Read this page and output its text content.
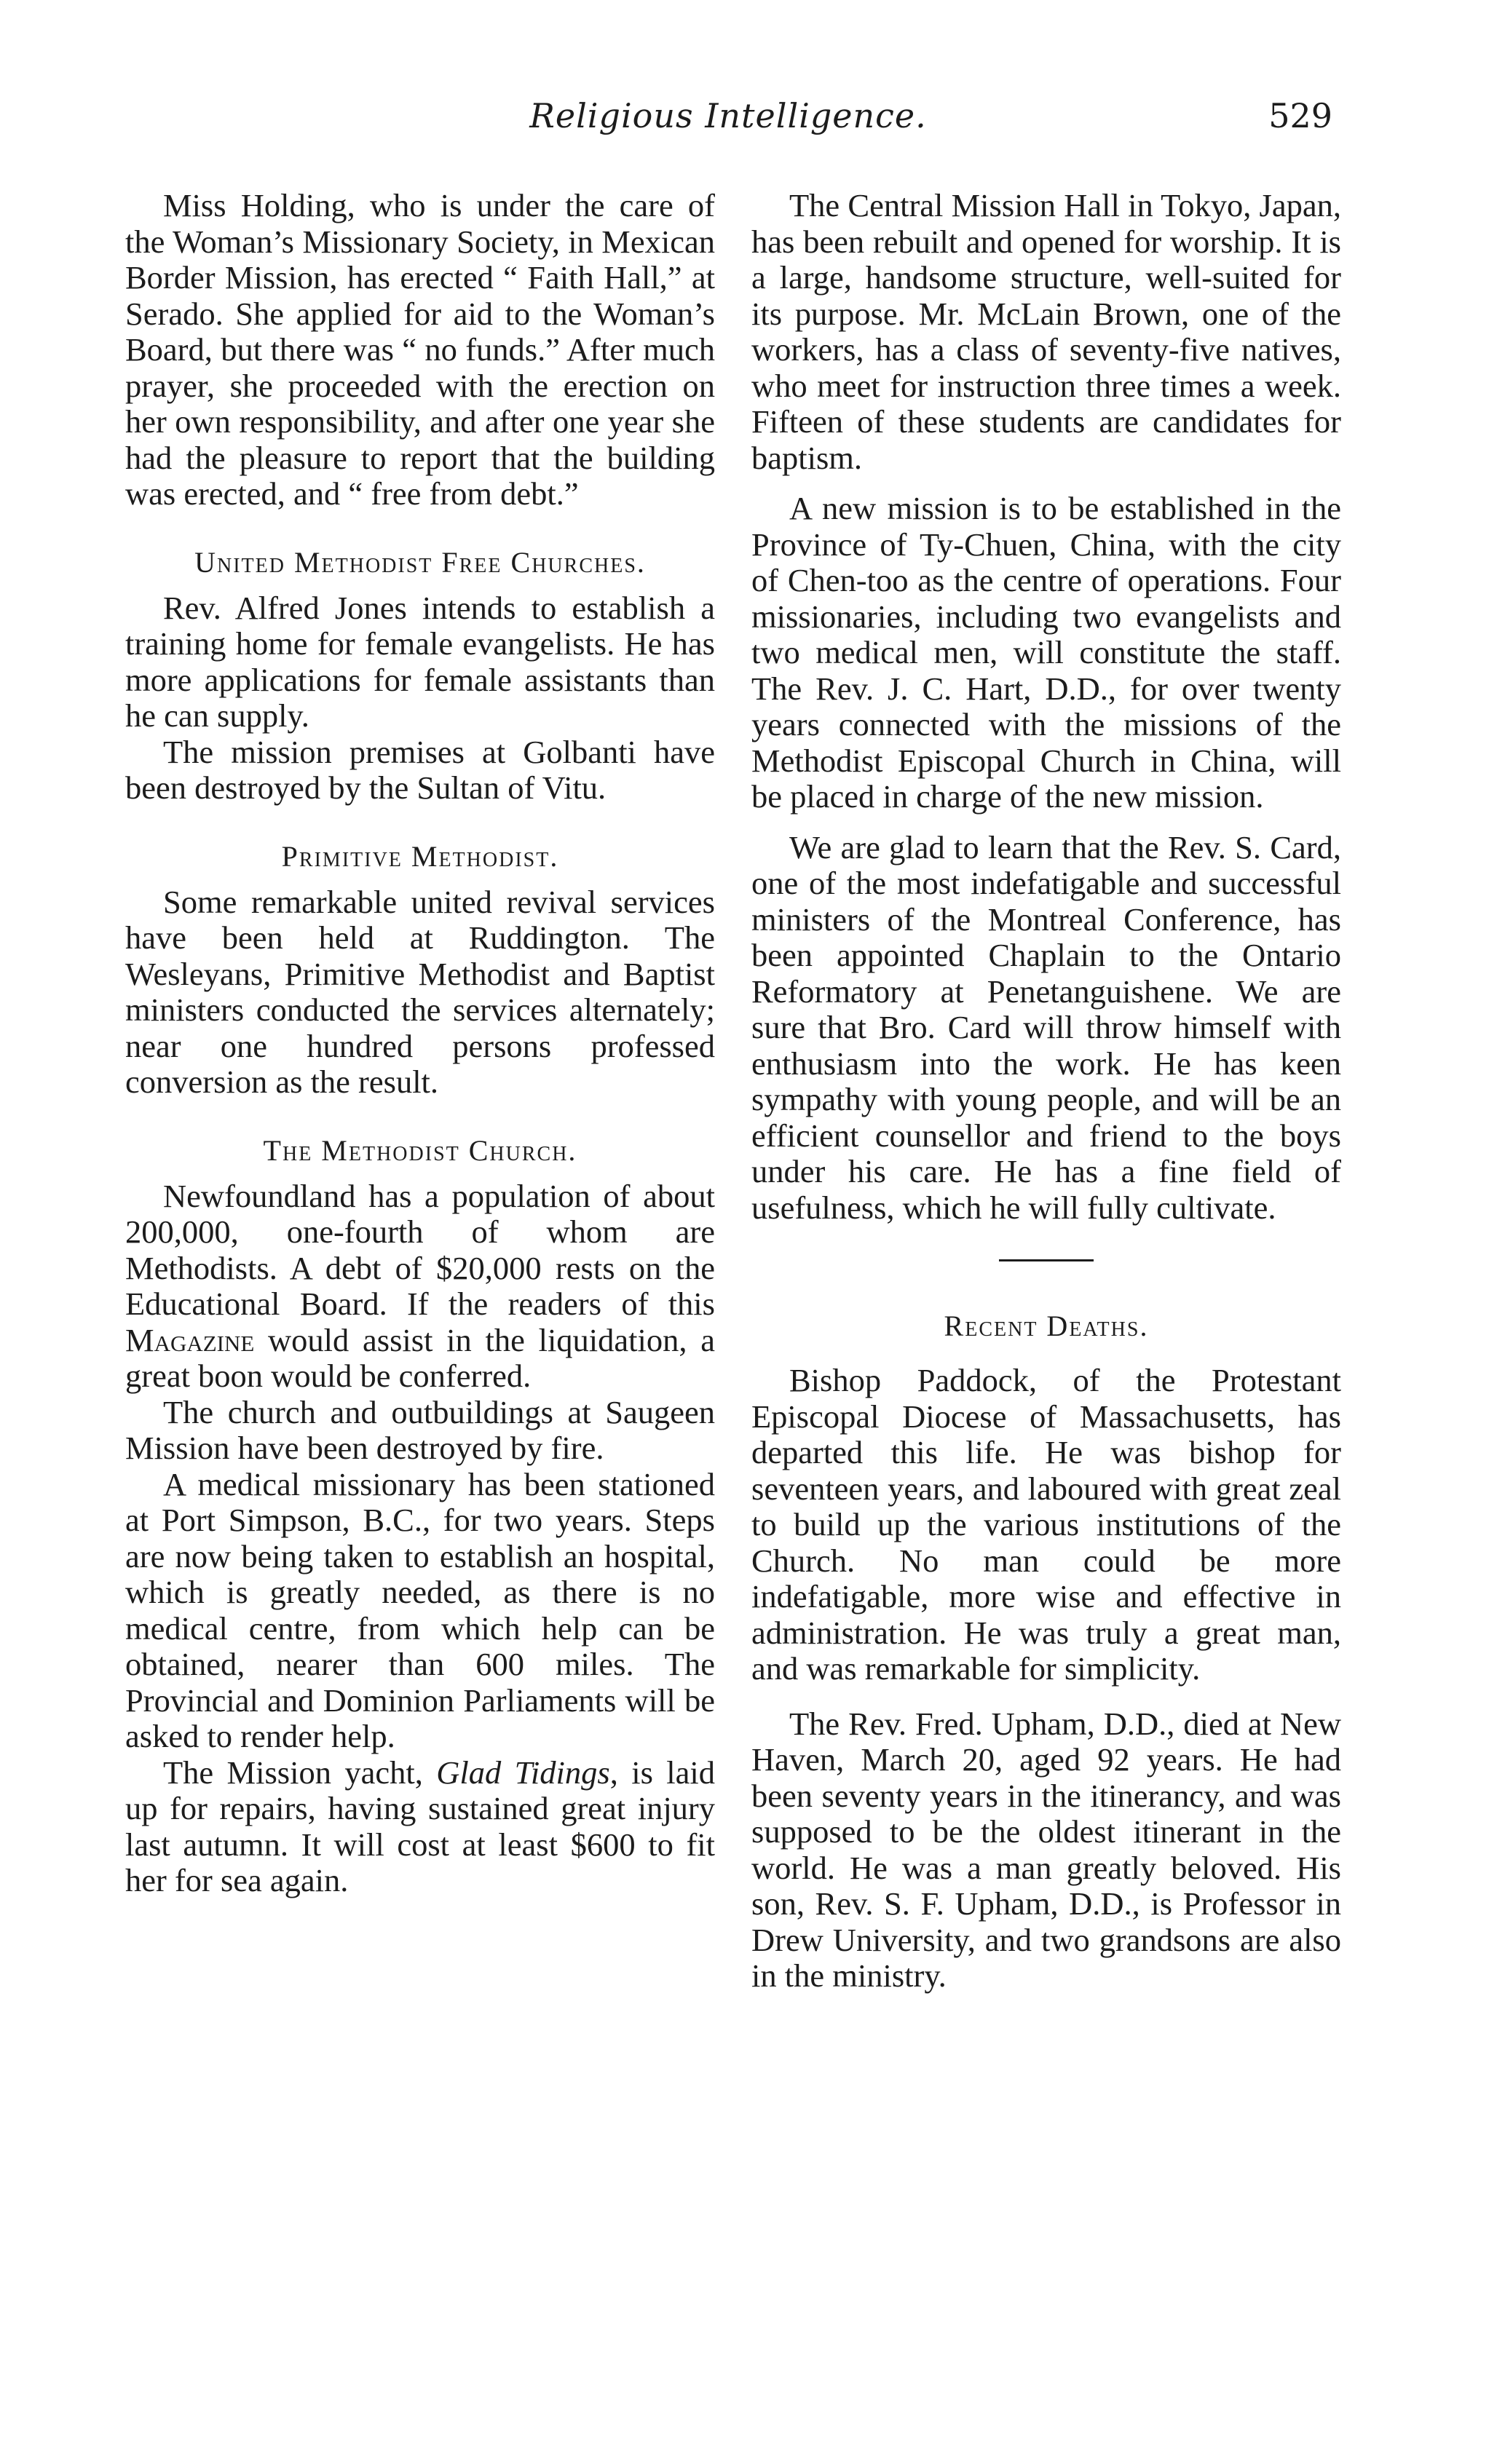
Religious Intelligence.	529

Miss Holding, who is under the care of the Woman’s Missionary Society, in Mexican Border Mission, has erected “ Faith Hall,” at Serado. She applied for aid to the Woman’s Board, but there was “ no funds.” After much prayer, she proceeded with the erection on her own responsibility, and after one year she had the pleasure to report that the building was erected, and “ free from debt.”

United Methodist Free Churches.

Rev. Alfred Jones intends to establish a training home for female evangelists. He has more applications for female assistants than he can supply.

The mission premises at Golbanti have been destroyed by the Sultan of Vitu.

Primitive Methodist.

Some remarkable united revival services have been held at Ruddington. The Wesleyans, Primitive Methodist and Baptist ministers conducted the services alternately; near one hundred persons professed conversion as the result.

The Methodist Church.

Newfoundland has a population of about 200,000, one-fourth of whom are Methodists. A debt of $20,000 rests on the Educational Board. If the readers of this Magazine would assist in the liquidation, a great boon would be conferred.

The church and outbuildings at Saugeen Mission have been destroyed by fire.

A medical missionary has been stationed at Port Simpson, B.C., for two years. Steps are now being taken to establish an hospital, which is greatly needed, as there is no medical centre, from which help can be obtained, nearer than 600 miles. The Provincial and Dominion Parliaments will be asked to render help.

The Mission yacht, Glad Tidings, is laid up for repairs, having sustained great injury last autumn. It will cost at least $600 to fit her for sea again.

The Central Mission Hall in Tokyo, Japan, has been rebuilt and opened for worship. It is a large, handsome structure, well-suited for its purpose. Mr. McLain Brown, one of the workers, has a class of seventy-five natives, who meet for instruction three times a week. Fifteen of these students are candidates for baptism.

A new mission is to be established in the Province of Ty-Chuen, China, with the city of Chen-too as the centre of operations. Four missionaries, including two evangelists and two medical men, will constitute the staff. The Rev. J. C. Hart, D.D., for over twenty years connected with the missions of the Methodist Episcopal Church in China, will be placed in charge of the new mission.

We are glad to learn that the Rev. S. Card, one of the most indefatigable and successful ministers of the Montreal Conference, has been appointed Chaplain to the Ontario Reformatory at Penetanguishene. We are sure that Bro. Card will throw himself with enthusiasm into the work. He has keen sympathy with young people, and will be an efficient counsellor and friend to the boys under his care. He has a fine field of usefulness, which he will fully cultivate.

Recent Deaths.

Bishop Paddock, of the Protestant Episcopal Diocese of Massachusetts, has departed this life. He was bishop for seventeen years, and laboured with great zeal to build up the various institutions of the Church. No man could be more indefatigable, more wise and effective in administration. He was truly a great man, and was remarkable for simplicity.

The Rev. Fred. Upham, D.D., died at New Haven, March 20, aged 92 years. He had been seventy years in the itinerancy, and was supposed to be the oldest itinerant in the world. He was a man greatly beloved. His son, Rev. S. F. Upham, D.D., is Professor in Drew University, and two grandsons are also in the ministry.
